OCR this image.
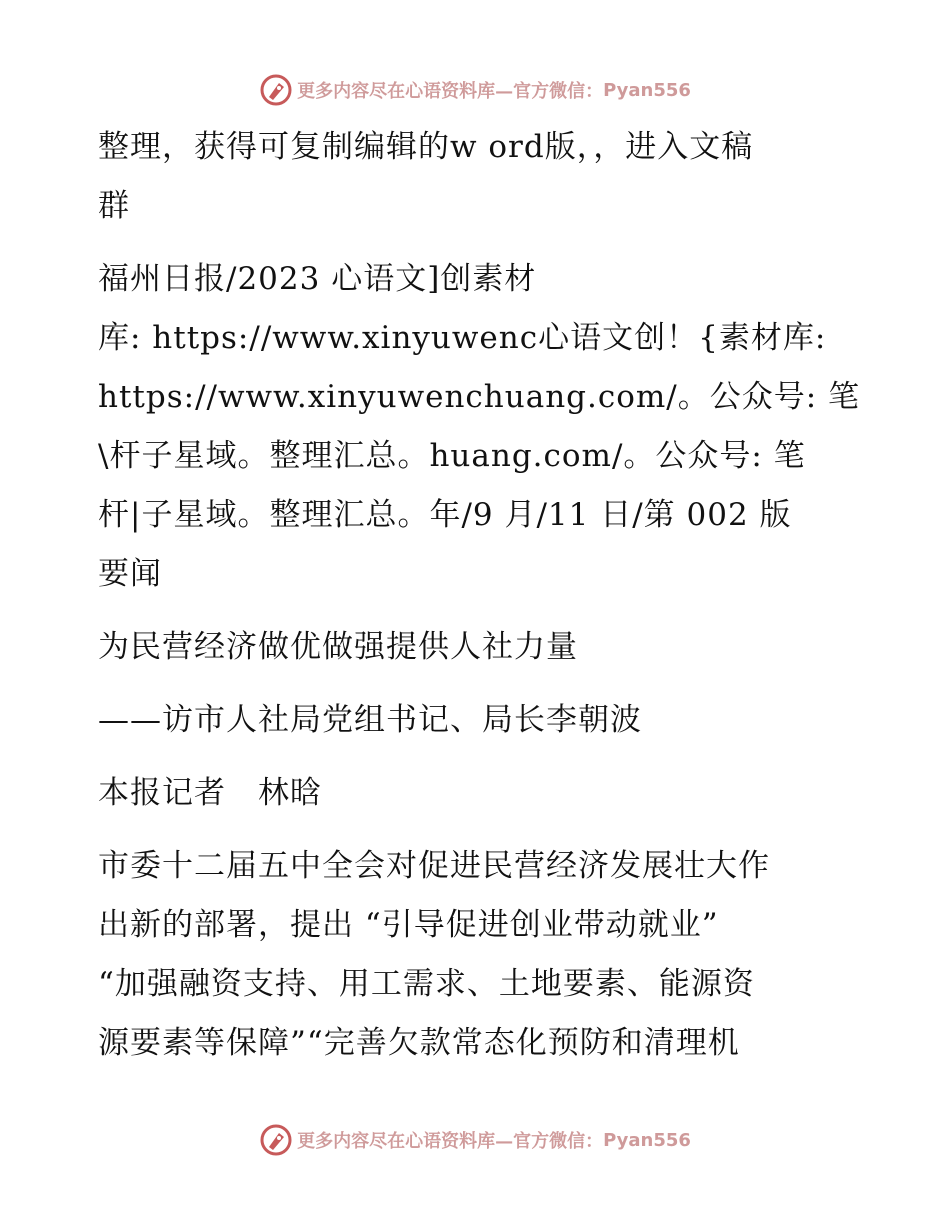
更多内容尽在心语资料库—官方微信： Pyan556
整理，获得可复制编辑的w ord版，，进入文稿
群
福州日报/2023 心语文]创素材
库: https://www.xinyuwenc心语文创！{素材库:
https://www.xinyuwenchuang.com/。公众号: 笔
\杆子星域。整理汇总。huang.com/。公众号: 笔
杆|子星域。整理汇总。年/9 月/11 日/第 002 版
要闻
为民营经济做优做强提供人社力量
——访市人社局党组书记、局长李朝波
本报记者　林晗
市委十二届五中全会对促进民营经济发展壮大作
出新的部署，提出 “引导促进创业带动就业”
“加强融资支持、用工需求、土地要素、能源资
源要素等保障”“完善欠款常态化预防和清理机
更多内容尽在心语资料库—官方微信： Pyan556
